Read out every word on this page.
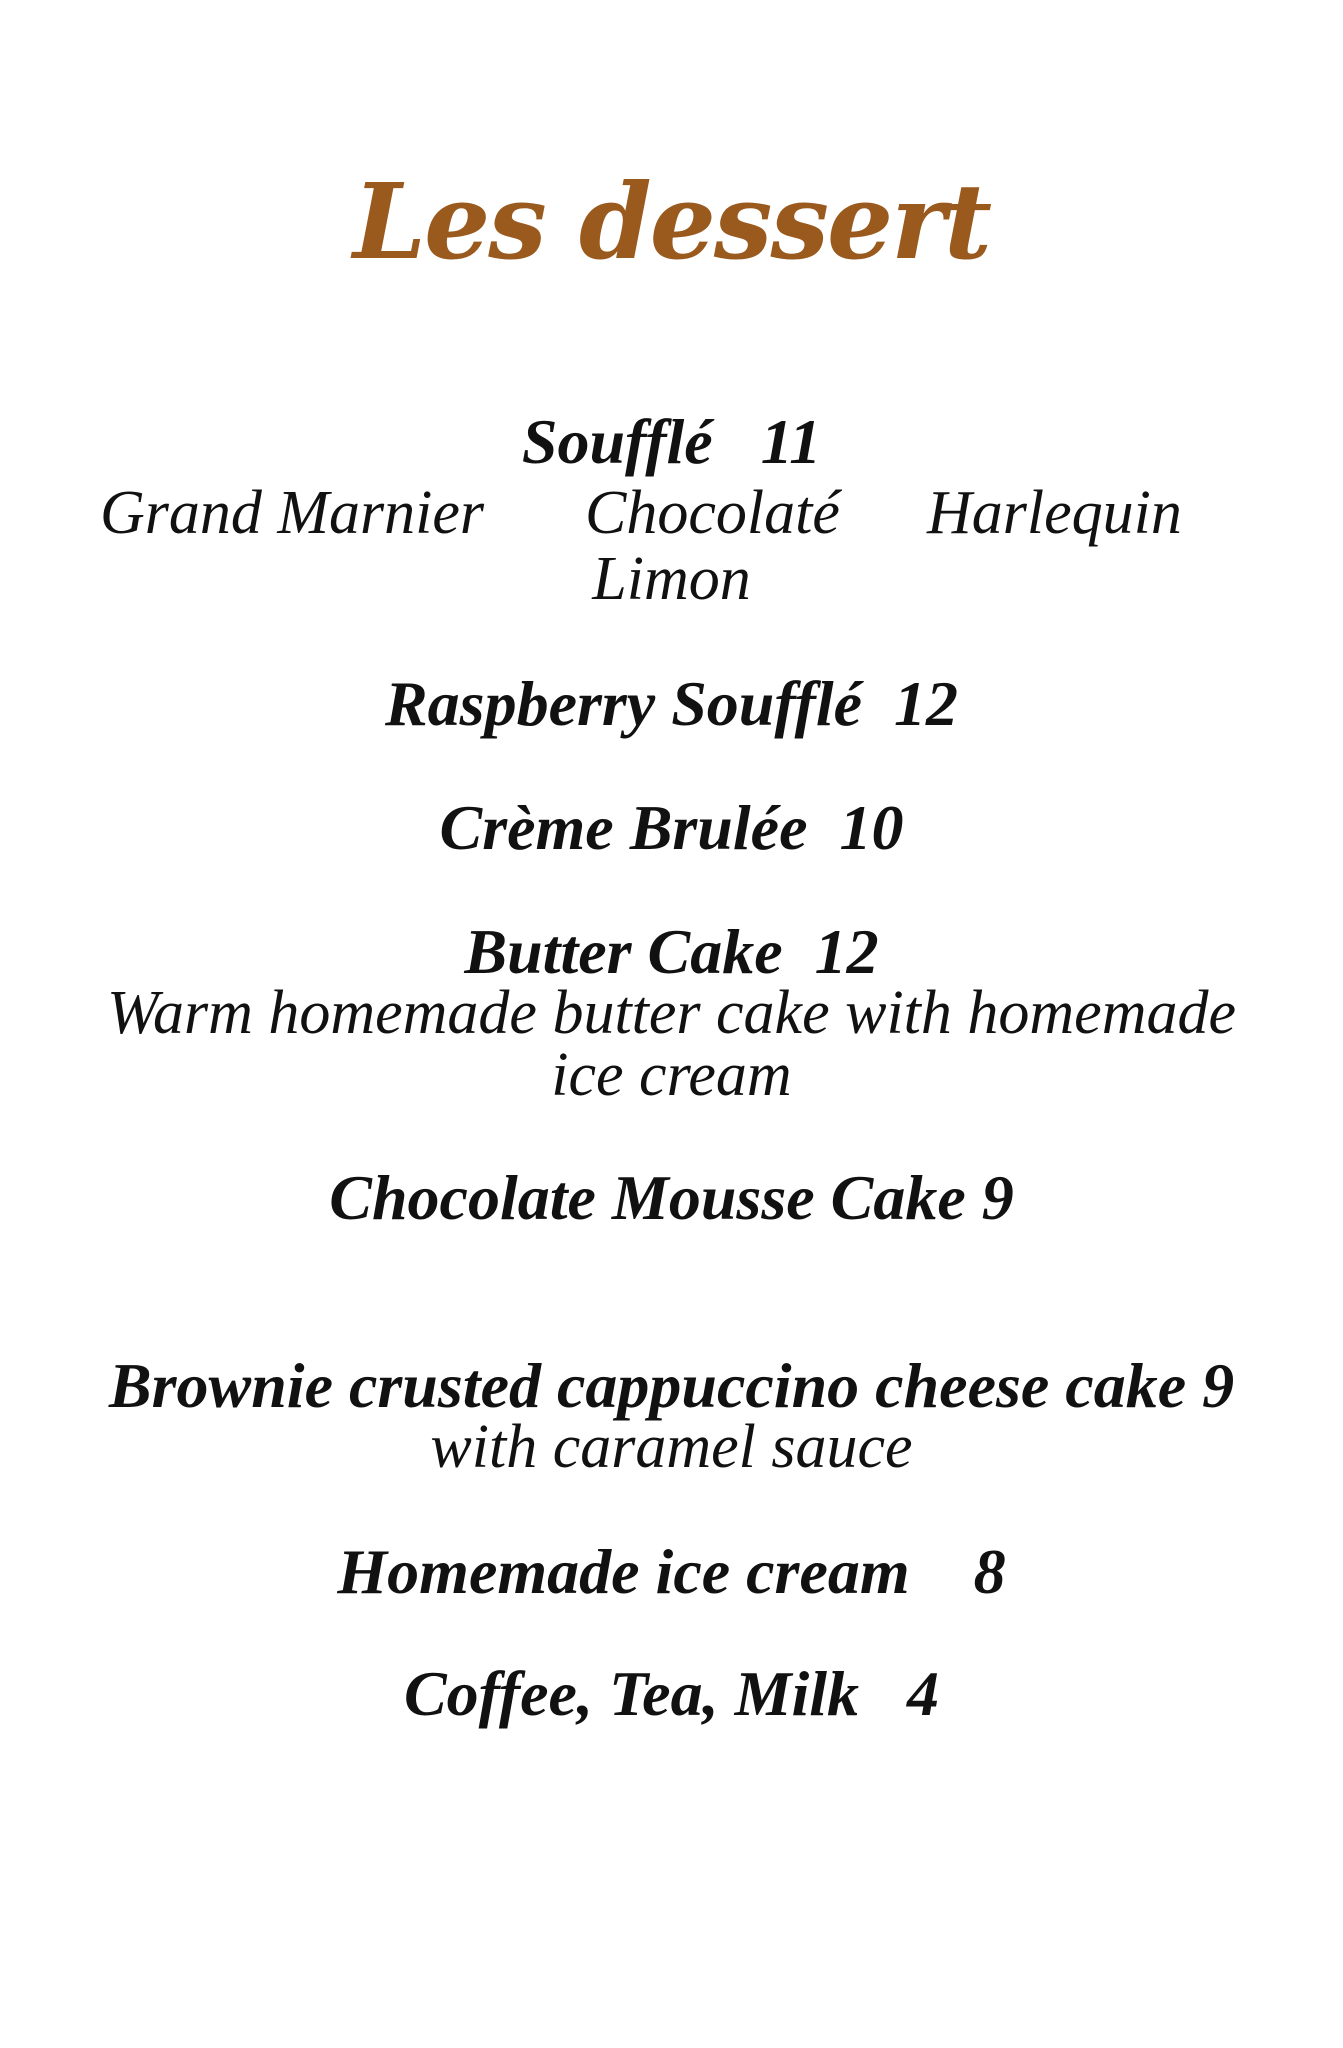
Les dessert
Soufflé 11
Grand Marnier Chocolaté Harlequin
Limon
Raspberry Soufflé 12
Crème Brulée 10
Butter Cake 12
Warm homemade butter cake with homemade
ice cream
Chocolate Mousse Cake 9
Brownie crusted cappuccino cheese cake 9
with caramel sauce
Homemade ice cream 8
Coffee, Tea, Milk 4
